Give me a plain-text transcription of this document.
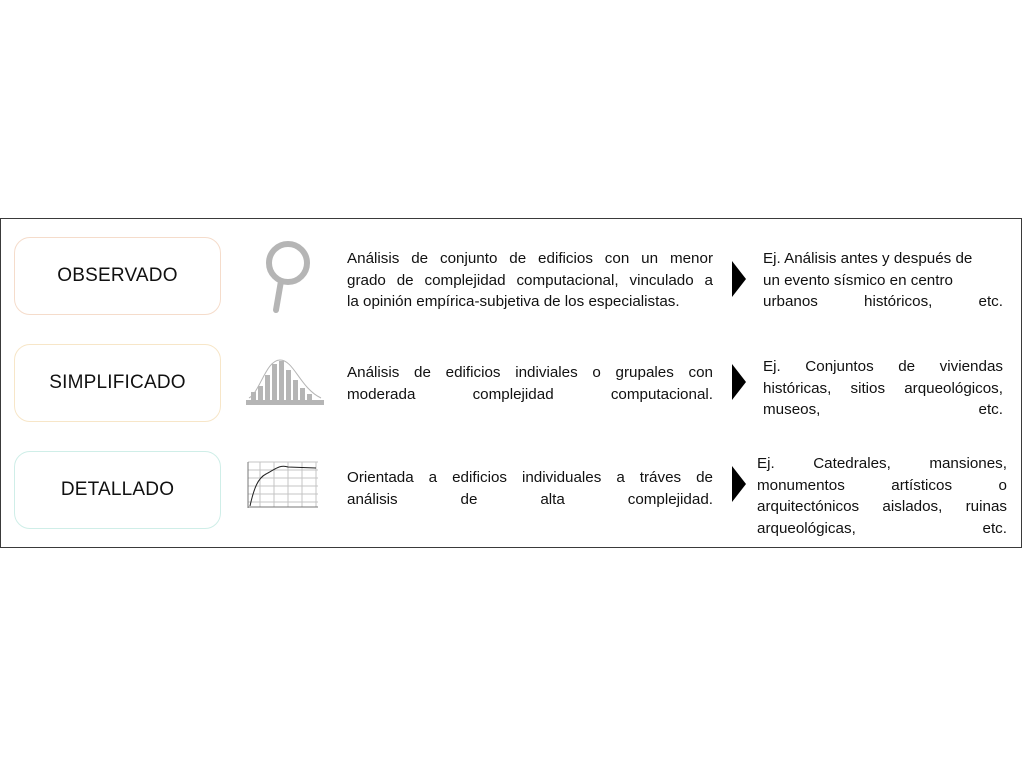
OBSERVADO
Análisis de conjunto de edificios con un menor
grado de complejidad computacional, vinculado a
la opinión empírica-subjetiva de los especialistas.
Ej. Análisis antes y después de
un evento sísmico en centro
urbanos históricos, etc.
SIMPLIFICADO	Análisis de edificios indiviales o grupales con
moderada complejidad computacional.
Ej. Conjuntos de viviendas
históricas, sitios arqueológicos,
museos, etc.
DETALLADO
Orientada a edificios individuales a tráves de
análisis de alta complejidad.
Ej. Catedrales, mansiones,
monumentos artísticos o
arquitectónicos aislados, ruinas
arqueológicas, etc.
